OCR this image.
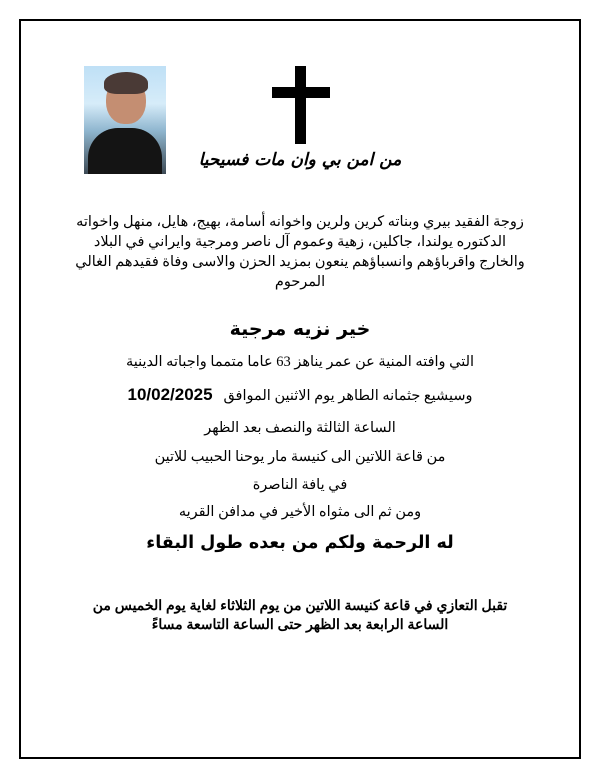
من امن بي وان مات فسيحيا
زوجة الفقيد بيري وبناته كرين ولرين واخوانه أسامة، بهيج، هايل، منهل واخواته
الدكتوره يولندا، جاكلين، زهية وعموم آل ناصر ومرجية وايراني في البلاد
والخارج واقرباؤهم وانسباؤهم ينعون بمزيد الحزن والاسى وفاة فقيدهم الغالي
المرحوم
خير نزيه مرجية
التي وافته المنية عن عمر يناهز 63 عاما متمما واجباته الدينية
وسيشيع جثمانه الطاهر يوم الاثنين الموافق   10/02/2025
الساعة الثالثة والنصف بعد الظهر
من قاعة اللاتين الى كنيسة مار يوحنا الحبيب للاتين
في يافة الناصرة
ومن ثم الى مثواه الأخير في مدافن القريه
له الرحمة ولكم من بعده طول البقاء
تقبل التعازي في قاعة كنيسة اللاتين من يوم الثلاثاء لغاية يوم الخميس من
الساعة الرابعة بعد الظهر حتى الساعة التاسعة مساءً
